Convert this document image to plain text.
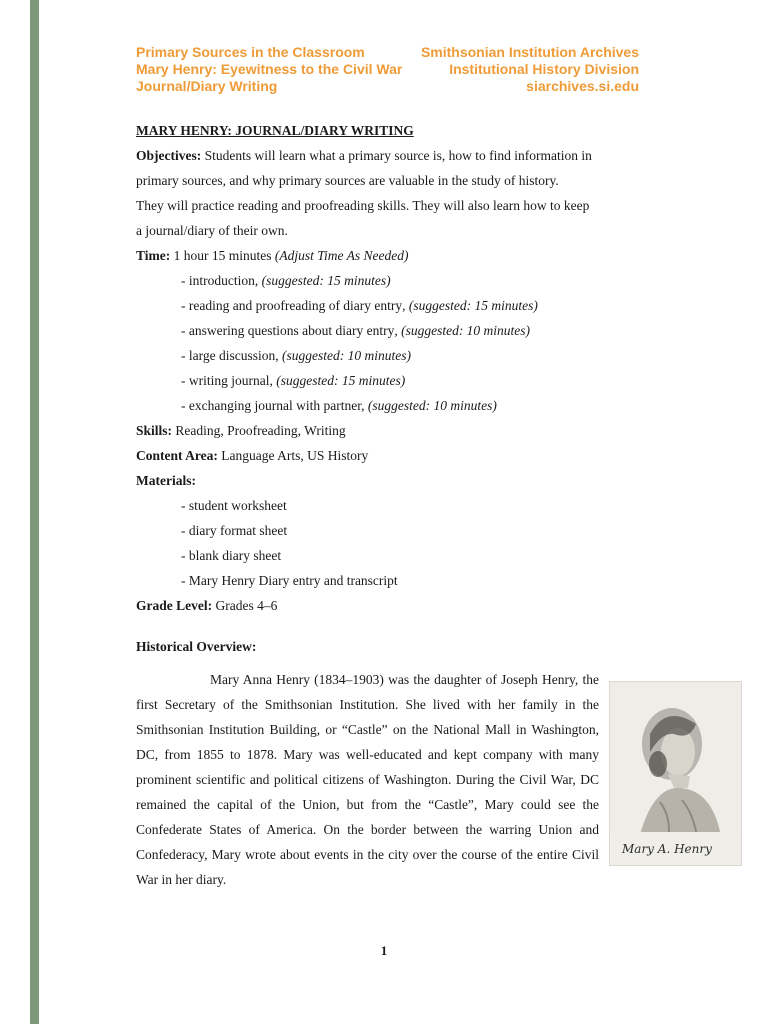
Primary Sources in the Classroom
Mary Henry: Eyewitness to the Civil War
Journal/Diary Writing
Smithsonian Institution Archives
Institutional History Division
siarchives.si.edu
MARY HENRY: JOURNAL/DIARY WRITING
Objectives: Students will learn what a primary source is, how to find information in
primary sources, and why primary sources are valuable in the study of history.
They will practice reading and proofreading skills. They will also learn how to keep
a journal/diary of their own.
Time: 1 hour 15 minutes (Adjust Time As Needed)
- introduction, (suggested: 15 minutes)
- reading and proofreading of diary entry, (suggested: 15 minutes)
- answering questions about diary entry, (suggested: 10 minutes)
- large discussion, (suggested: 10 minutes)
- writing journal, (suggested: 15 minutes)
- exchanging journal with partner, (suggested: 10 minutes)
Skills: Reading, Proofreading, Writing
Content Area: Language Arts, US History
Materials:
- student worksheet
- diary format sheet
- blank diary sheet
- Mary Henry Diary entry and transcript
Grade Level: Grades 4–6
Historical Overview:

Mary Anna Henry (1834–1903) was the daughter of Joseph Henry, the first Secretary of the Smithsonian Institution. She lived with her family in the Smithsonian Institution Building, or “Castle” on the National Mall in Washington, DC, from 1855 to 1878. Mary was well-educated and kept company with many prominent scientific and political citizens of Washington. During the Civil War, DC remained the capital of the Union, but from the “Castle”, Mary could see the Confederate States of America. On the border between the warring Union and Confederacy, Mary wrote about events in the city over the course of the entire Civil War in her diary.

Mary A. Henry
1
